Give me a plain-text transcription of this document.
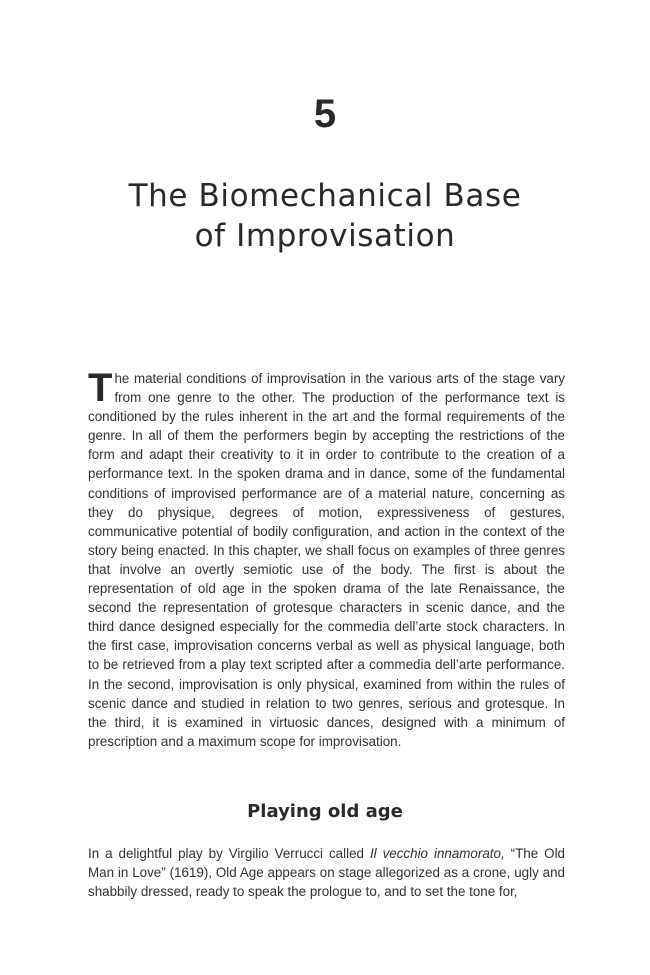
5
The Biomechanical Base
of Improvisation

The material conditions of improvisation in the various arts of the stage vary from one genre to the other. The production of the performance text is conditioned by the rules inherent in the art and the formal requirements of the genre. In all of them the performers begin by accepting the restrictions of the form and adapt their creativity to it in order to contribute to the creation of a performance text. In the spoken drama and in dance, some of the fundamental conditions of improvised performance are of a material nature, concerning as they do physique, degrees of motion, expressiveness of gestures, communicative potential of bodily configuration, and action in the context of the story being enacted. In this chapter, we shall focus on examples of three genres that involve an overtly semiotic use of the body. The first is about the representation of old age in the spoken drama of the late Renaissance, the second the representation of grotesque characters in scenic dance, and the third dance designed especially for the commedia dell’arte stock characters. In the first case, improvisation concerns verbal as well as physical language, both to be retrieved from a play text scripted after a commedia dell’arte performance. In the second, improvisation is only physical, examined from within the rules of scenic dance and studied in relation to two genres, serious and grotesque. In the third, it is examined in virtuosic dances, designed with a minimum of prescription and a maximum scope for improvisation.

Playing old age

In a delightful play by Virgilio Verrucci called Il vecchio innamorato, “The Old Man in Love” (1619), Old Age appears on stage allegorized as a crone, ugly and shabbily dressed, ready to speak the prologue to, and to set the tone for,
